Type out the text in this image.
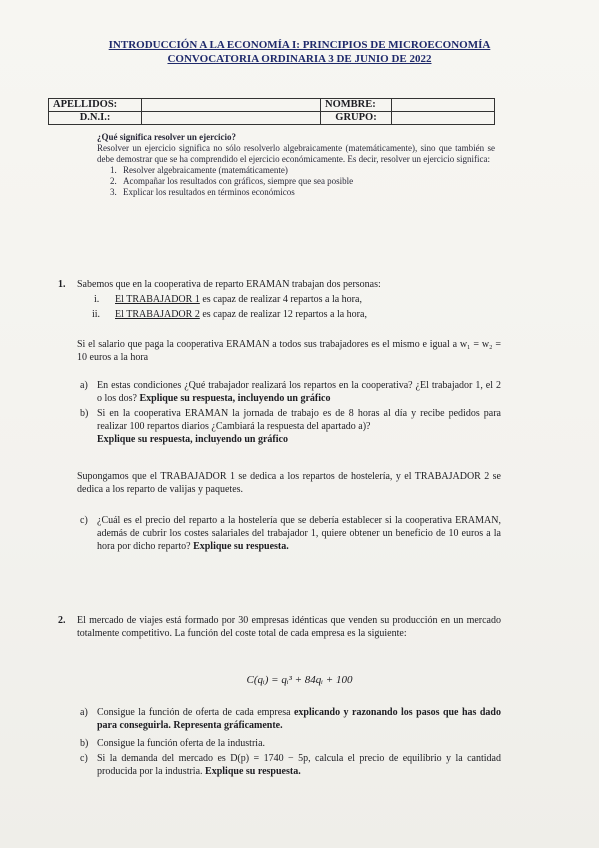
INTRODUCCIÓN A LA ECONOMÍA I: PRINCIPIOS DE MICROECONOMÍA
CONVOCATORIA ORDINARIA 3 DE JUNIO DE 2022
APELLIDOS:		NOMBRE:	
D.N.I.:		GRUPO:	
¿Qué significa resolver un ejercicio?
Resolver un ejercicio significa no sólo resolverlo algebraicamente (matemáticamente), sino que también se debe demostrar que se ha comprendido el ejercicio económicamente. Es decir, resolver un ejercicio significa:
1. Resolver algebraicamente (matemáticamente)
2. Acompañar los resultados con gráficos, siempre que sea posible
3. Explicar los resultados en términos económicos
1. Sabemos que en la cooperativa de reparto ERAMAN trabajan dos personas:
i. El TRABAJADOR 1 es capaz de realizar 4 repartos a la hora,
ii. El TRABAJADOR 2 es capaz de realizar 12 repartos a la hora,
Si el salario que paga la cooperativa ERAMAN a todos sus trabajadores es el mismo e igual a w₁ = w₂ = 10 euros a la hora
a) En estas condiciones ¿Qué trabajador realizará los repartos en la cooperativa? ¿El trabajador 1, el 2 o los dos? Explique su respuesta, incluyendo un gráfico
b) Si en la cooperativa ERAMAN la jornada de trabajo es de 8 horas al día y recibe pedidos para realizar 100 repartos diarios ¿Cambiará la respuesta del apartado a)?
Explique su respuesta, incluyendo un gráfico
Supongamos que el TRABAJADOR 1 se dedica a los repartos de hostelería, y el TRABAJADOR 2 se dedica a los reparto de valijas y paquetes.
c) ¿Cuál es el precio del reparto a la hostelería que se debería establecer si la cooperativa ERAMAN, además de cubrir los costes salariales del trabajador 1, quiere obtener un beneficio de 10 euros a la hora por dicho reparto? Explique su respuesta.
2. El mercado de viajes está formado por 30 empresas idénticas que venden su producción en un mercado totalmente competitivo. La función del coste total de cada empresa es la siguiente:
C(qᵢ) = qᵢ³ + 84qᵢ + 100
a) Consigue la función de oferta de cada empresa explicando y razonando los pasos que has dado para conseguirla. Representa gráficamente.
b) Consigue la función oferta de la industria.
c) Si la demanda del mercado es D(p) = 1740 − 5p, calcula el precio de equilibrio y la cantidad producida por la industria. Explique su respuesta.
